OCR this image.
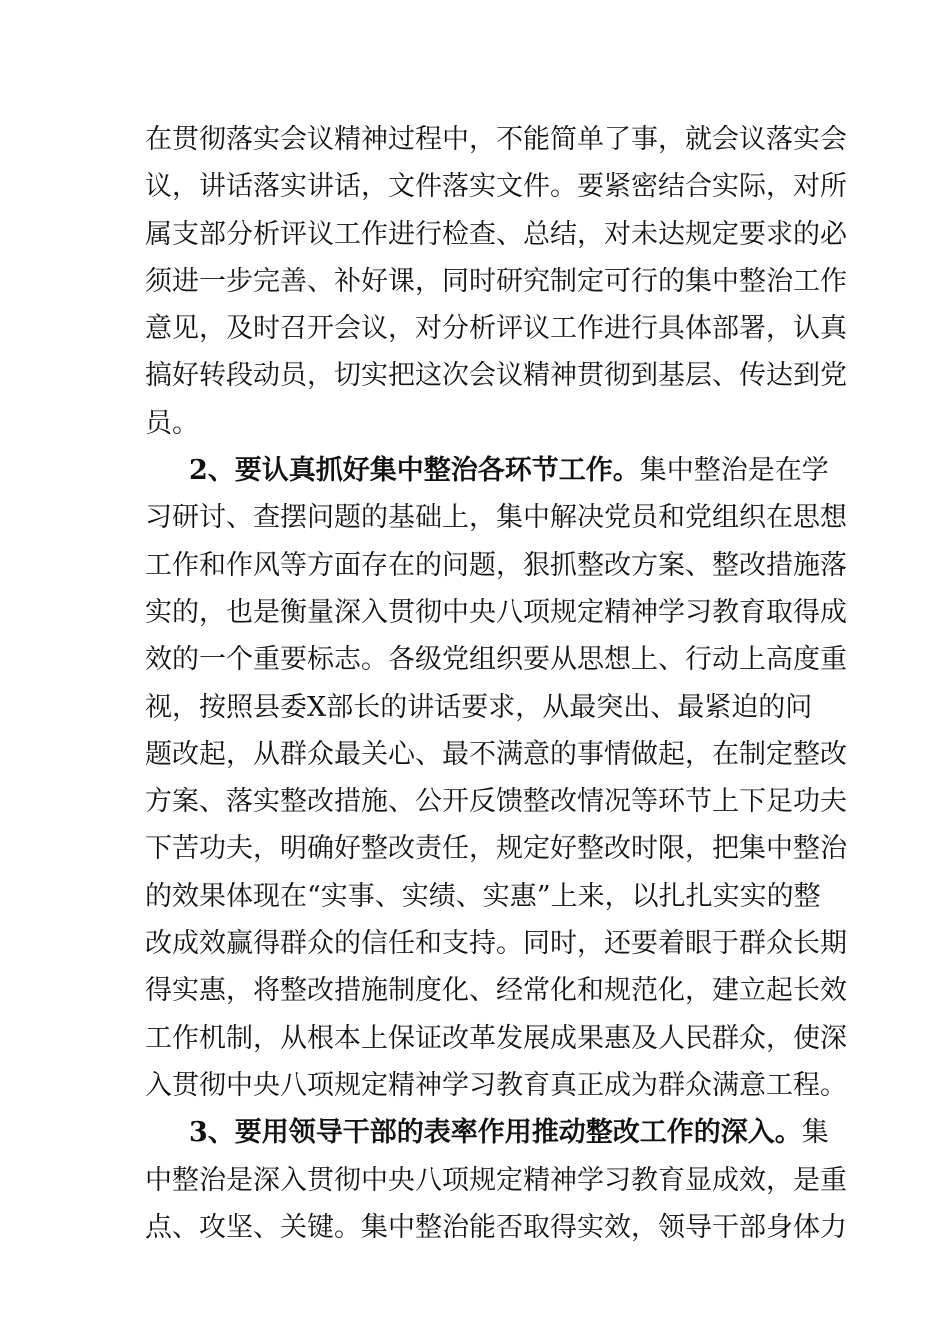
在贯彻落实会议精神过程中，不能简单了事，就会议落实会
议，讲话落实讲话，文件落实文件。要紧密结合实际，对所
属支部分析评议工作进行检查、总结，对未达规定要求的必
须进一步完善、补好课，同时研究制定可行的集中整治工作
意见，及时召开会议，对分析评议工作进行具体部署，认真
搞好转段动员，切实把这次会议精神贯彻到基层、传达到党
员。
2、要认真抓好集中整治各环节工作。集中整治是在学
习研讨、查摆问题的基础上，集中解决党员和党组织在思想
工作和作风等方面存在的问题，狠抓整改方案、整改措施落
实的，也是衡量深入贯彻中央八项规定精神学习教育取得成
效的一个重要标志。各级党组织要从思想上、行动上高度重
视，按照县委X部长的讲话要求，从最突出、最紧迫的问
题改起，从群众最关心、最不满意的事情做起，在制定整改
方案、落实整改措施、公开反馈整改情况等环节上下足功夫
下苦功夫，明确好整改责任，规定好整改时限，把集中整治
的效果体现在“实事、实绩、实惠”上来，以扎扎实实的整
改成效赢得群众的信任和支持。同时，还要着眼于群众长期
得实惠，将整改措施制度化、经常化和规范化，建立起长效
工作机制，从根本上保证改革发展成果惠及人民群众，使深
入贯彻中央八项规定精神学习教育真正成为群众满意工程。
3、要用领导干部的表率作用推动整改工作的深入。集
中整治是深入贯彻中央八项规定精神学习教育显成效，是重
点、攻坚、关键。集中整治能否取得实效，领导干部身体力
